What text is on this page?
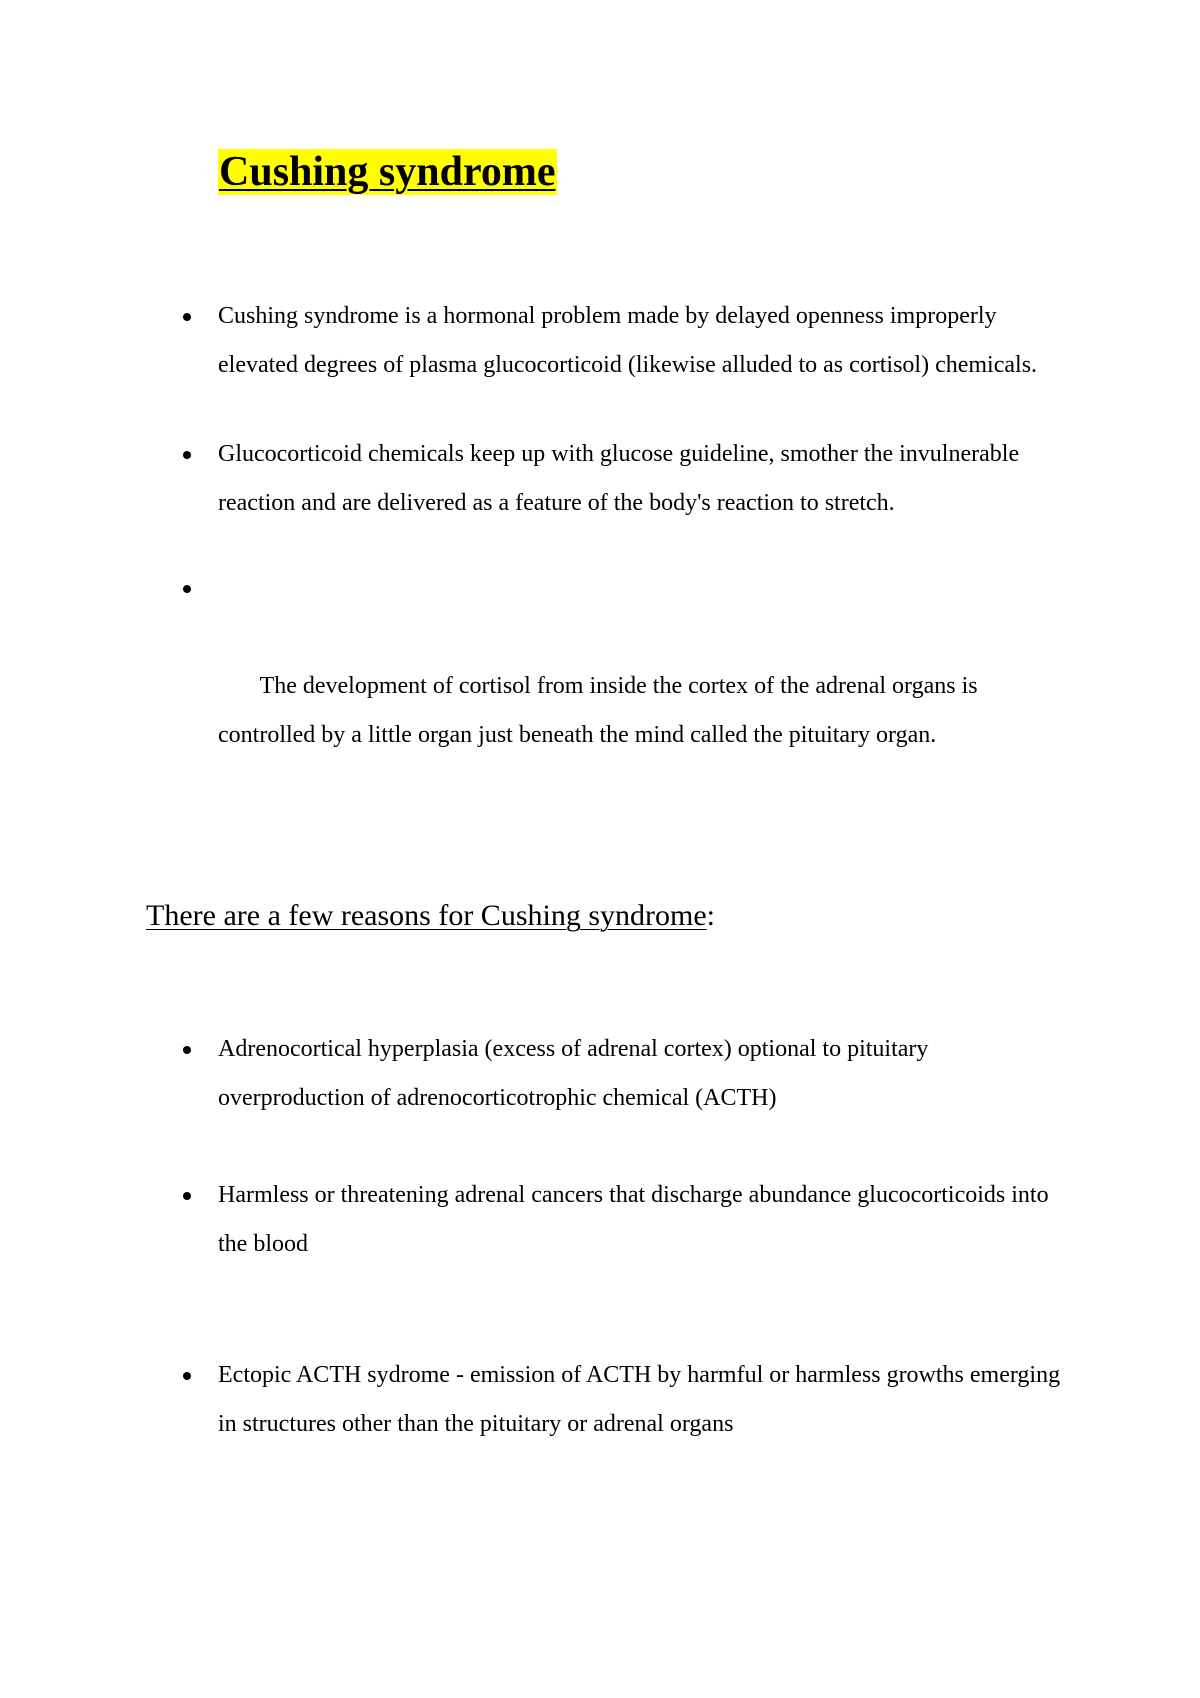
Cushing syndrome
Cushing syndrome is a hormonal problem made by delayed openness improperly elevated degrees of plasma glucocorticoid (likewise alluded to as cortisol) chemicals.
Glucocorticoid chemicals keep up with glucose guideline, smother the invulnerable reaction and are delivered as a feature of the body's reaction to stretch.

The development of cortisol from inside the cortex of the adrenal organs is controlled by a little organ just beneath the mind called the pituitary organ.

There are a few reasons for Cushing syndrome:
Adrenocortical hyperplasia (excess of adrenal cortex) optional to pituitary overproduction of adrenocorticotrophic chemical (ACTH)
Harmless or threatening adrenal cancers that discharge abundance glucocorticoids into the blood
Ectopic ACTH sydrome - emission of ACTH by harmful or harmless growths emerging in structures other than the pituitary or adrenal organs
